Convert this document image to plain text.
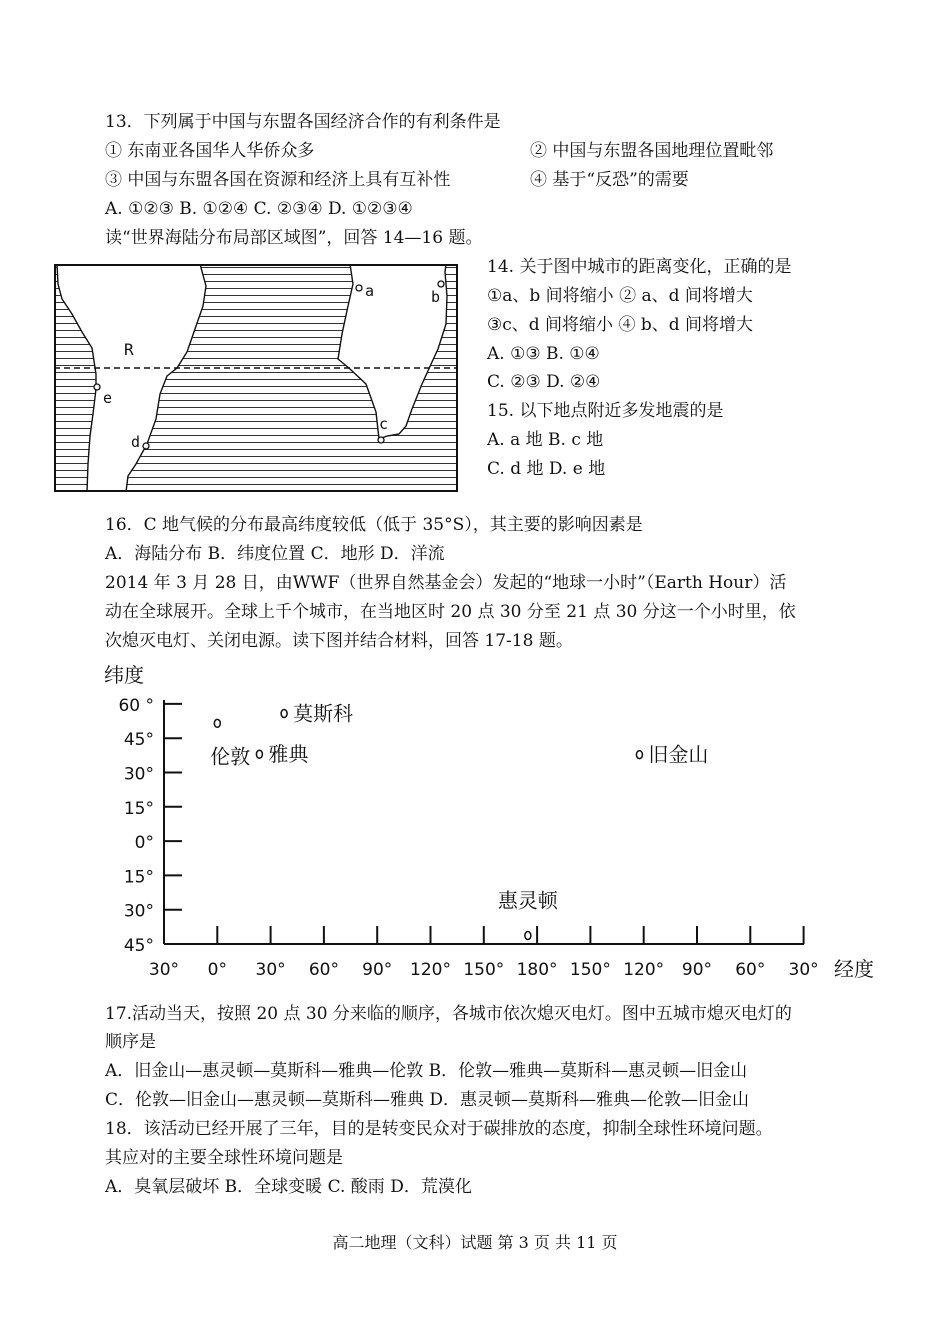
13．下列属于中国与东盟各国经济合作的有利条件是
① 东南亚各国华人华侨众多	② 中国与东盟各国地理位置毗邻
③ 中国与东盟各国在资源和经济上具有互补性	④ 基于“反恐”的需要
A. ①②③ B. ①②④ C. ②③④ D. ①②③④
读“世界海陆分布局部区域图”，回答 14—16 题。
a	b
c
d
e
R
14. 关于图中城市的距离变化，正确的是
①a、b 间将缩小 ② a、d 间将增大
③c、d 间将缩小 ④ b、d 间将增大
A. ①③ B. ①④
C. ②③ D. ②④
15. 以下地点附近多发地震的是
A. a 地 B. c 地
C. d 地 D. e 地
16．C 地气候的分布最高纬度较低（低于 35°S），其主要的影响因素是
A．海陆分布 B．纬度位置 C．地形 D．洋流
2014 年 3 月 28 日，由WWF（世界自然基金会）发起的“地球一小时”（Earth Hour）活
动在全球展开。全球上千个城市，在当地区时 20 点 30 分至 21 点 30 分这一个小时里，依
次熄灭电灯、关闭电源。读下图并结合材料，回答 17-18 题。
纬度
经度
60 °
45°
30°
15°
0°
15°
30°
45°
30° 0° 30° 60° 90° 120° 150° 180° 150° 120° 90° 60° 30°
莫斯科
伦敦 雅典	旧金山
惠灵顿
17.活动当天，按照 20 点 30 分来临的顺序，各城市依次熄灭电灯。图中五城市熄灭电灯的
顺序是
A．旧金山—惠灵顿—莫斯科—雅典—伦敦 B．伦敦—雅典—莫斯科—惠灵顿—旧金山
C．伦敦—旧金山—惠灵顿—莫斯科—雅典 D．惠灵顿—莫斯科—雅典—伦敦—旧金山
18．该活动已经开展了三年，目的是转变民众对于碳排放的态度，抑制全球性环境问题。
其应对的主要全球性环境问题是
A．臭氧层破坏 B．全球变暖 C. 酸雨 D．荒漠化
高二地理（文科）试题 第 3 页 共 11 页
